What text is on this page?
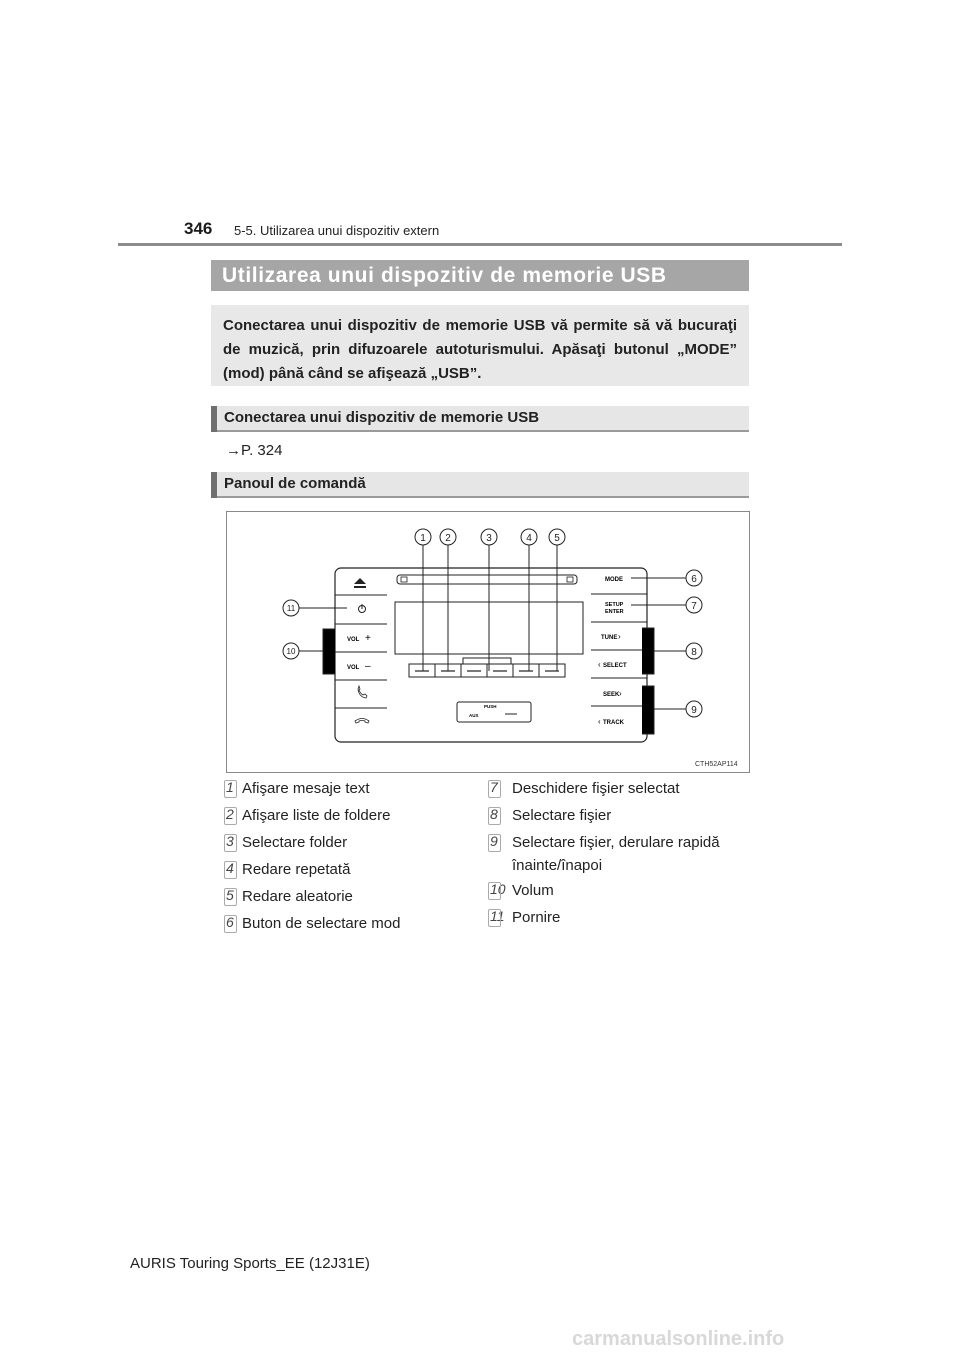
346 5-5. Utilizarea unui dispozitiv extern
Utilizarea unui dispozitiv de memorie USB

Conectarea unui dispozitiv de memorie USB vă permite să vă bucuraţi de muzică, prin difuzoarele autoturismului. Apăsaţi butonul „MODE” (mod) până când se afişează „USB”.

Conectarea unui dispozitiv de memorie USB
→P. 324
Panoul de comandă
VOL +
VOL –
MODE
SETUP
ENTER
TUNE ›
‹ SELECT
SEEK ›
‹ TRACK
PUSH
AUX
1 2	3	4 5
6
7
8
9
10
11
CTH52AP114
1 Afişare mesaje text
2 Afişare liste de foldere
3 Selectare folder
4 Redare repetată
5 Redare aleatorie
6 Buton de selectare mod
7 Deschidere fişier selectat
8 Selectare fişier
9 Selectare fişier, derulare rapidă
înainte/înapoi
10 Volum
11 Pornire
AURIS Touring Sports_EE (12J31E)
carmanualsonline.info
